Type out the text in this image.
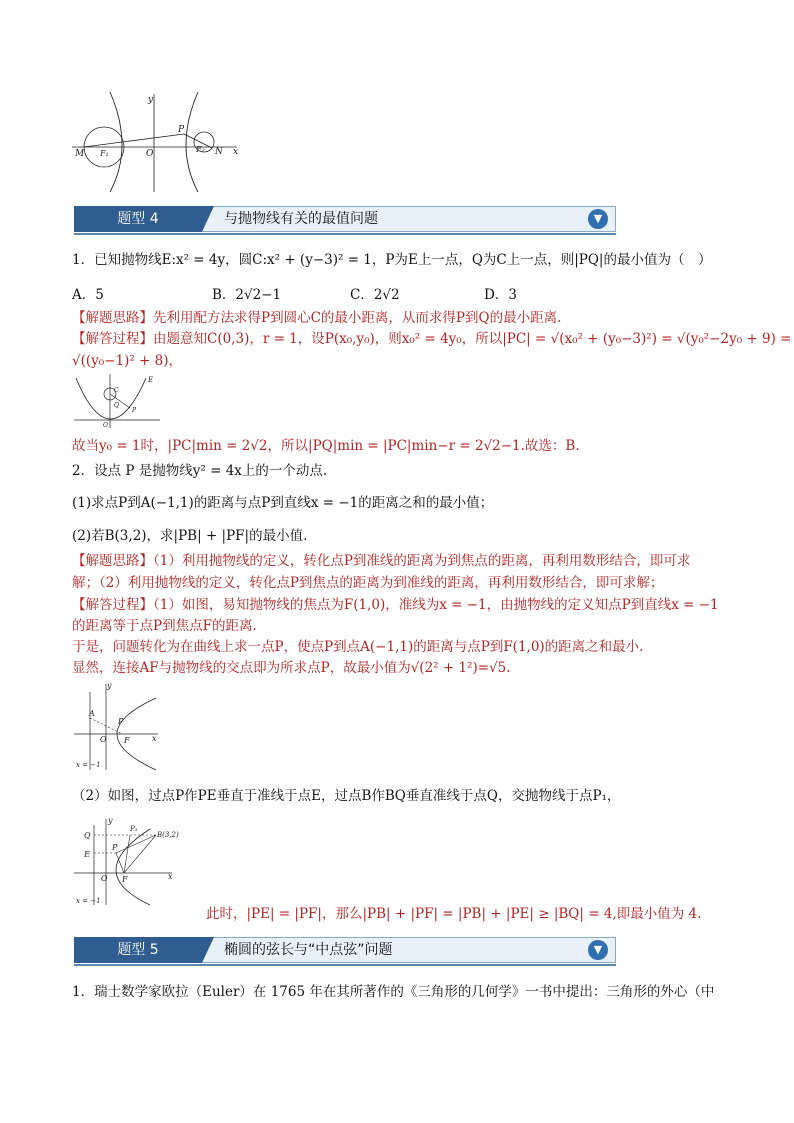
y
P
M F₁	O	F₂ N x
题型 4	与抛物线有关的最值问题	▼
1．已知抛物线E:x² = 4y，圆C:x² + (y−3)² = 1，P为E上一点，Q为C上一点，则|PQ|的最小值为（　）
A．5	B．2√2−1	C．2√2	D．3
【解题思路】先利用配方法求得P到圆心C的最小距离，从而求得P到Q的最小距离.
【解答过程】由题意知C(0,3)，r = 1，设P(x₀,y₀)，则x₀² = 4y₀，所以|PC| = √(x₀² + (y₀−3)²) = √(y₀²−2y₀ + 9) =
√((y₀−1)² + 8)，
E
C
Q
P
O
故当y₀ = 1时，|PC|min = 2√2，所以|PQ|min = |PC|min−r = 2√2−1.故选：B.
2．设点 P 是抛物线y² = 4x上的一个动点.
(1)求点P到A(−1,1)的距离与点P到直线x = −1的距离之和的最小值；
(2)若B(3,2)，求|PB| + |PF|的最小值.
【解题思路】（1）利用抛物线的定义，转化点P到准线的距离为到焦点的距离，再利用数形结合，即可求
解；（2）利用抛物线的定义，转化点P到焦点的距离为到准线的距离，再利用数形结合，即可求解；
【解答过程】（1）如图，易知抛物线的焦点为F(1,0)，准线为x = −1，由抛物线的定义知点P到直线x = −1
的距离等于点P到焦点F的距离.
于是，问题转化为在曲线上求一点P，使点P到点A(−1,1)的距离与点P到F(1,0)的距离之和最小.
显然，连接AF与抛物线的交点即为所求点P，故最小值为√(2² + 1²)=√5.
y
A
P
O F	x
x = −1
（2）如图，过点P作PE垂直于准线于点E，过点B作BQ垂直准线于点Q，交抛物线于点P₁，
y
Q
P₁
B(3,2)
E
P
O F	x
x = −1
此时，|PE| = |PF|，那么|PB| + |PF| = |PB| + |PE| ≥ |BQ| = 4,即最小值为 4.
题型 5	椭圆的弦长与“中点弦”问题	▼
1．瑞士数学家欧拉（Euler）在 1765 年在其所著作的《三角形的几何学》一书中提出：三角形的外心（中
